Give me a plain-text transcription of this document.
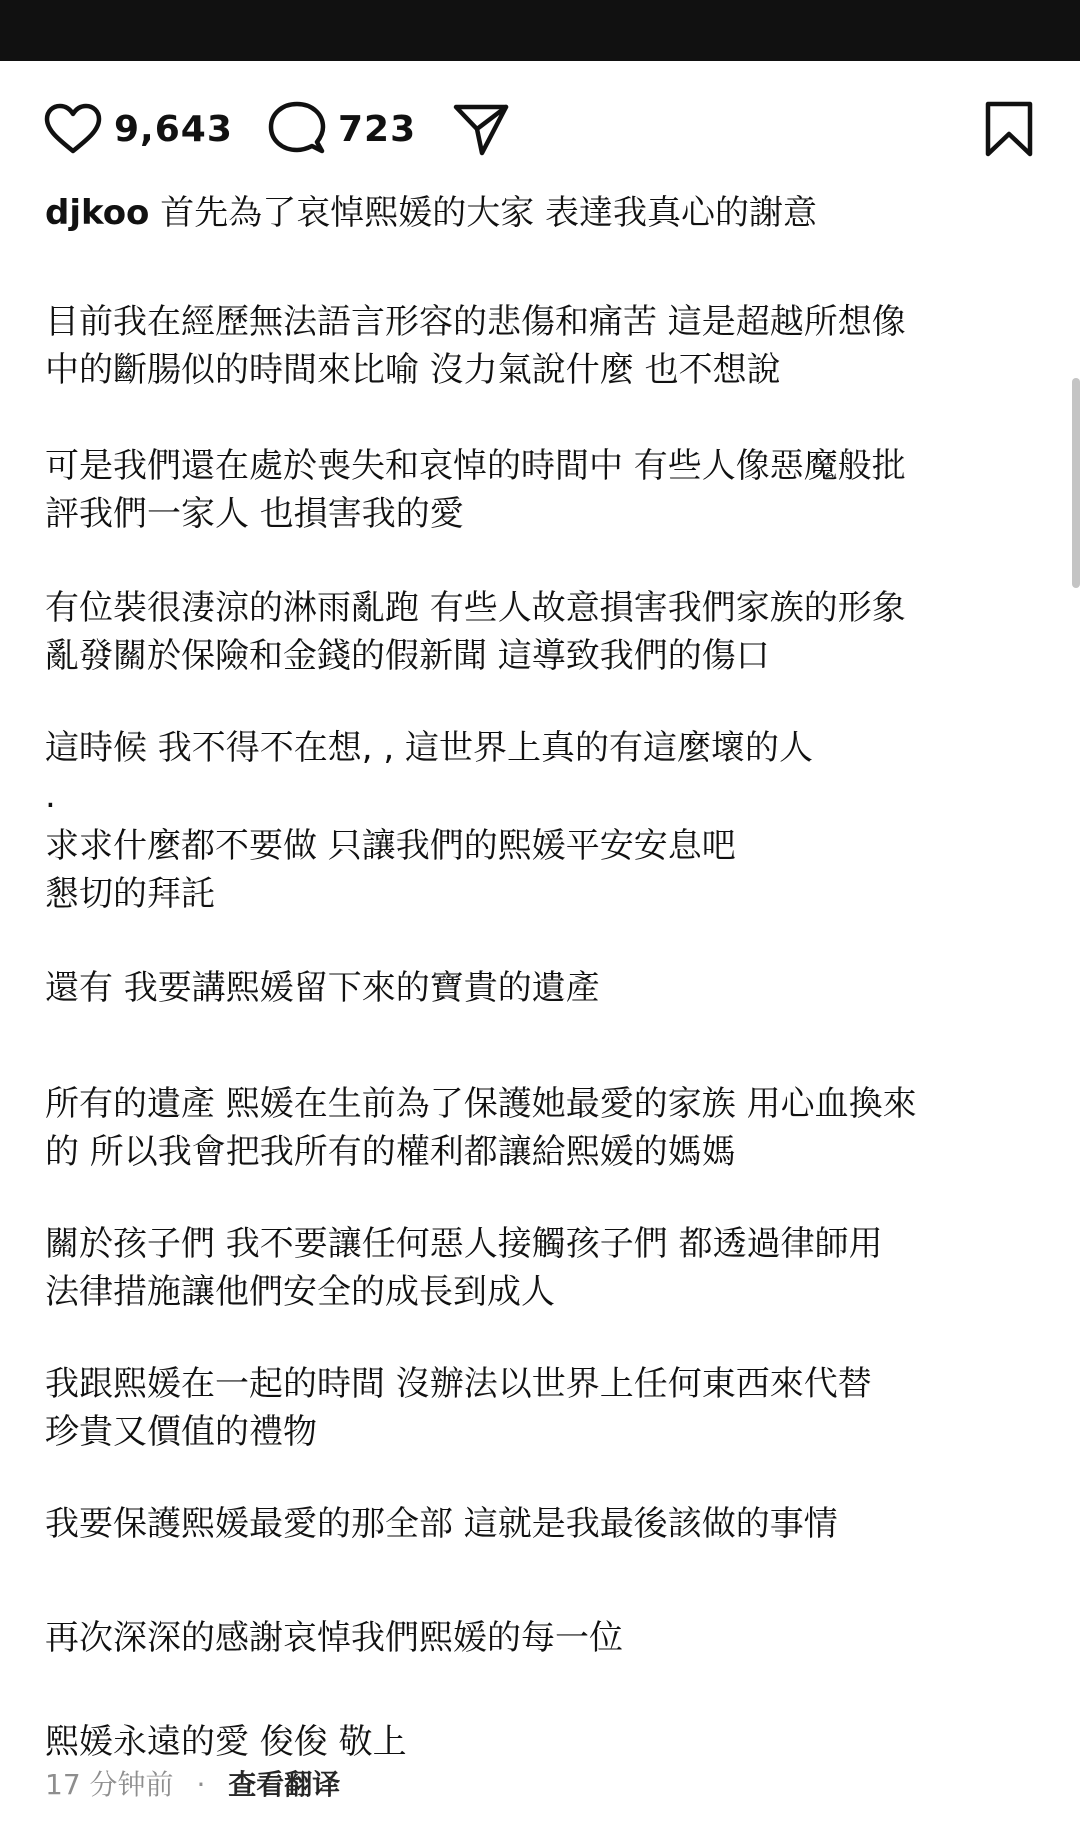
9,643	723

djkoo 首先為了哀悼熙媛的大家 表達我真心的謝意

目前我在經歷無法語言形容的悲傷和痛苦 這是超越所想像
中的斷腸似的時間來比喻 沒力氣說什麼 也不想說

可是我們還在處於喪失和哀悼的時間中 有些人像惡魔般批
評我們一家人 也損害我的愛

有位裝很淒涼的淋雨亂跑 有些人故意損害我們家族的形象
亂發關於保險和金錢的假新聞 這導致我們的傷口

這時候 我不得不在想, , 這世界上真的有這麼壞的人

.

求求什麼都不要做 只讓我們的熙媛平安安息吧
懇切的拜託

還有 我要講熙媛留下來的寶貴的遺產

所有的遺產 熙媛在生前為了保護她最愛的家族 用心血換來
的 所以我會把我所有的權利都讓給熙媛的媽媽

關於孩子們 我不要讓任何惡人接觸孩子們 都透過律師用
法律措施讓他們安全的成長到成人

我跟熙媛在一起的時間 沒辦法以世界上任何東西來代替
珍貴又價值的禮物

我要保護熙媛最愛的那全部 這就是我最後該做的事情

再次深深的感謝哀悼我們熙媛的每一位

熙媛永遠的愛 俊俊 敬上

17 分钟前 · 查看翻译
